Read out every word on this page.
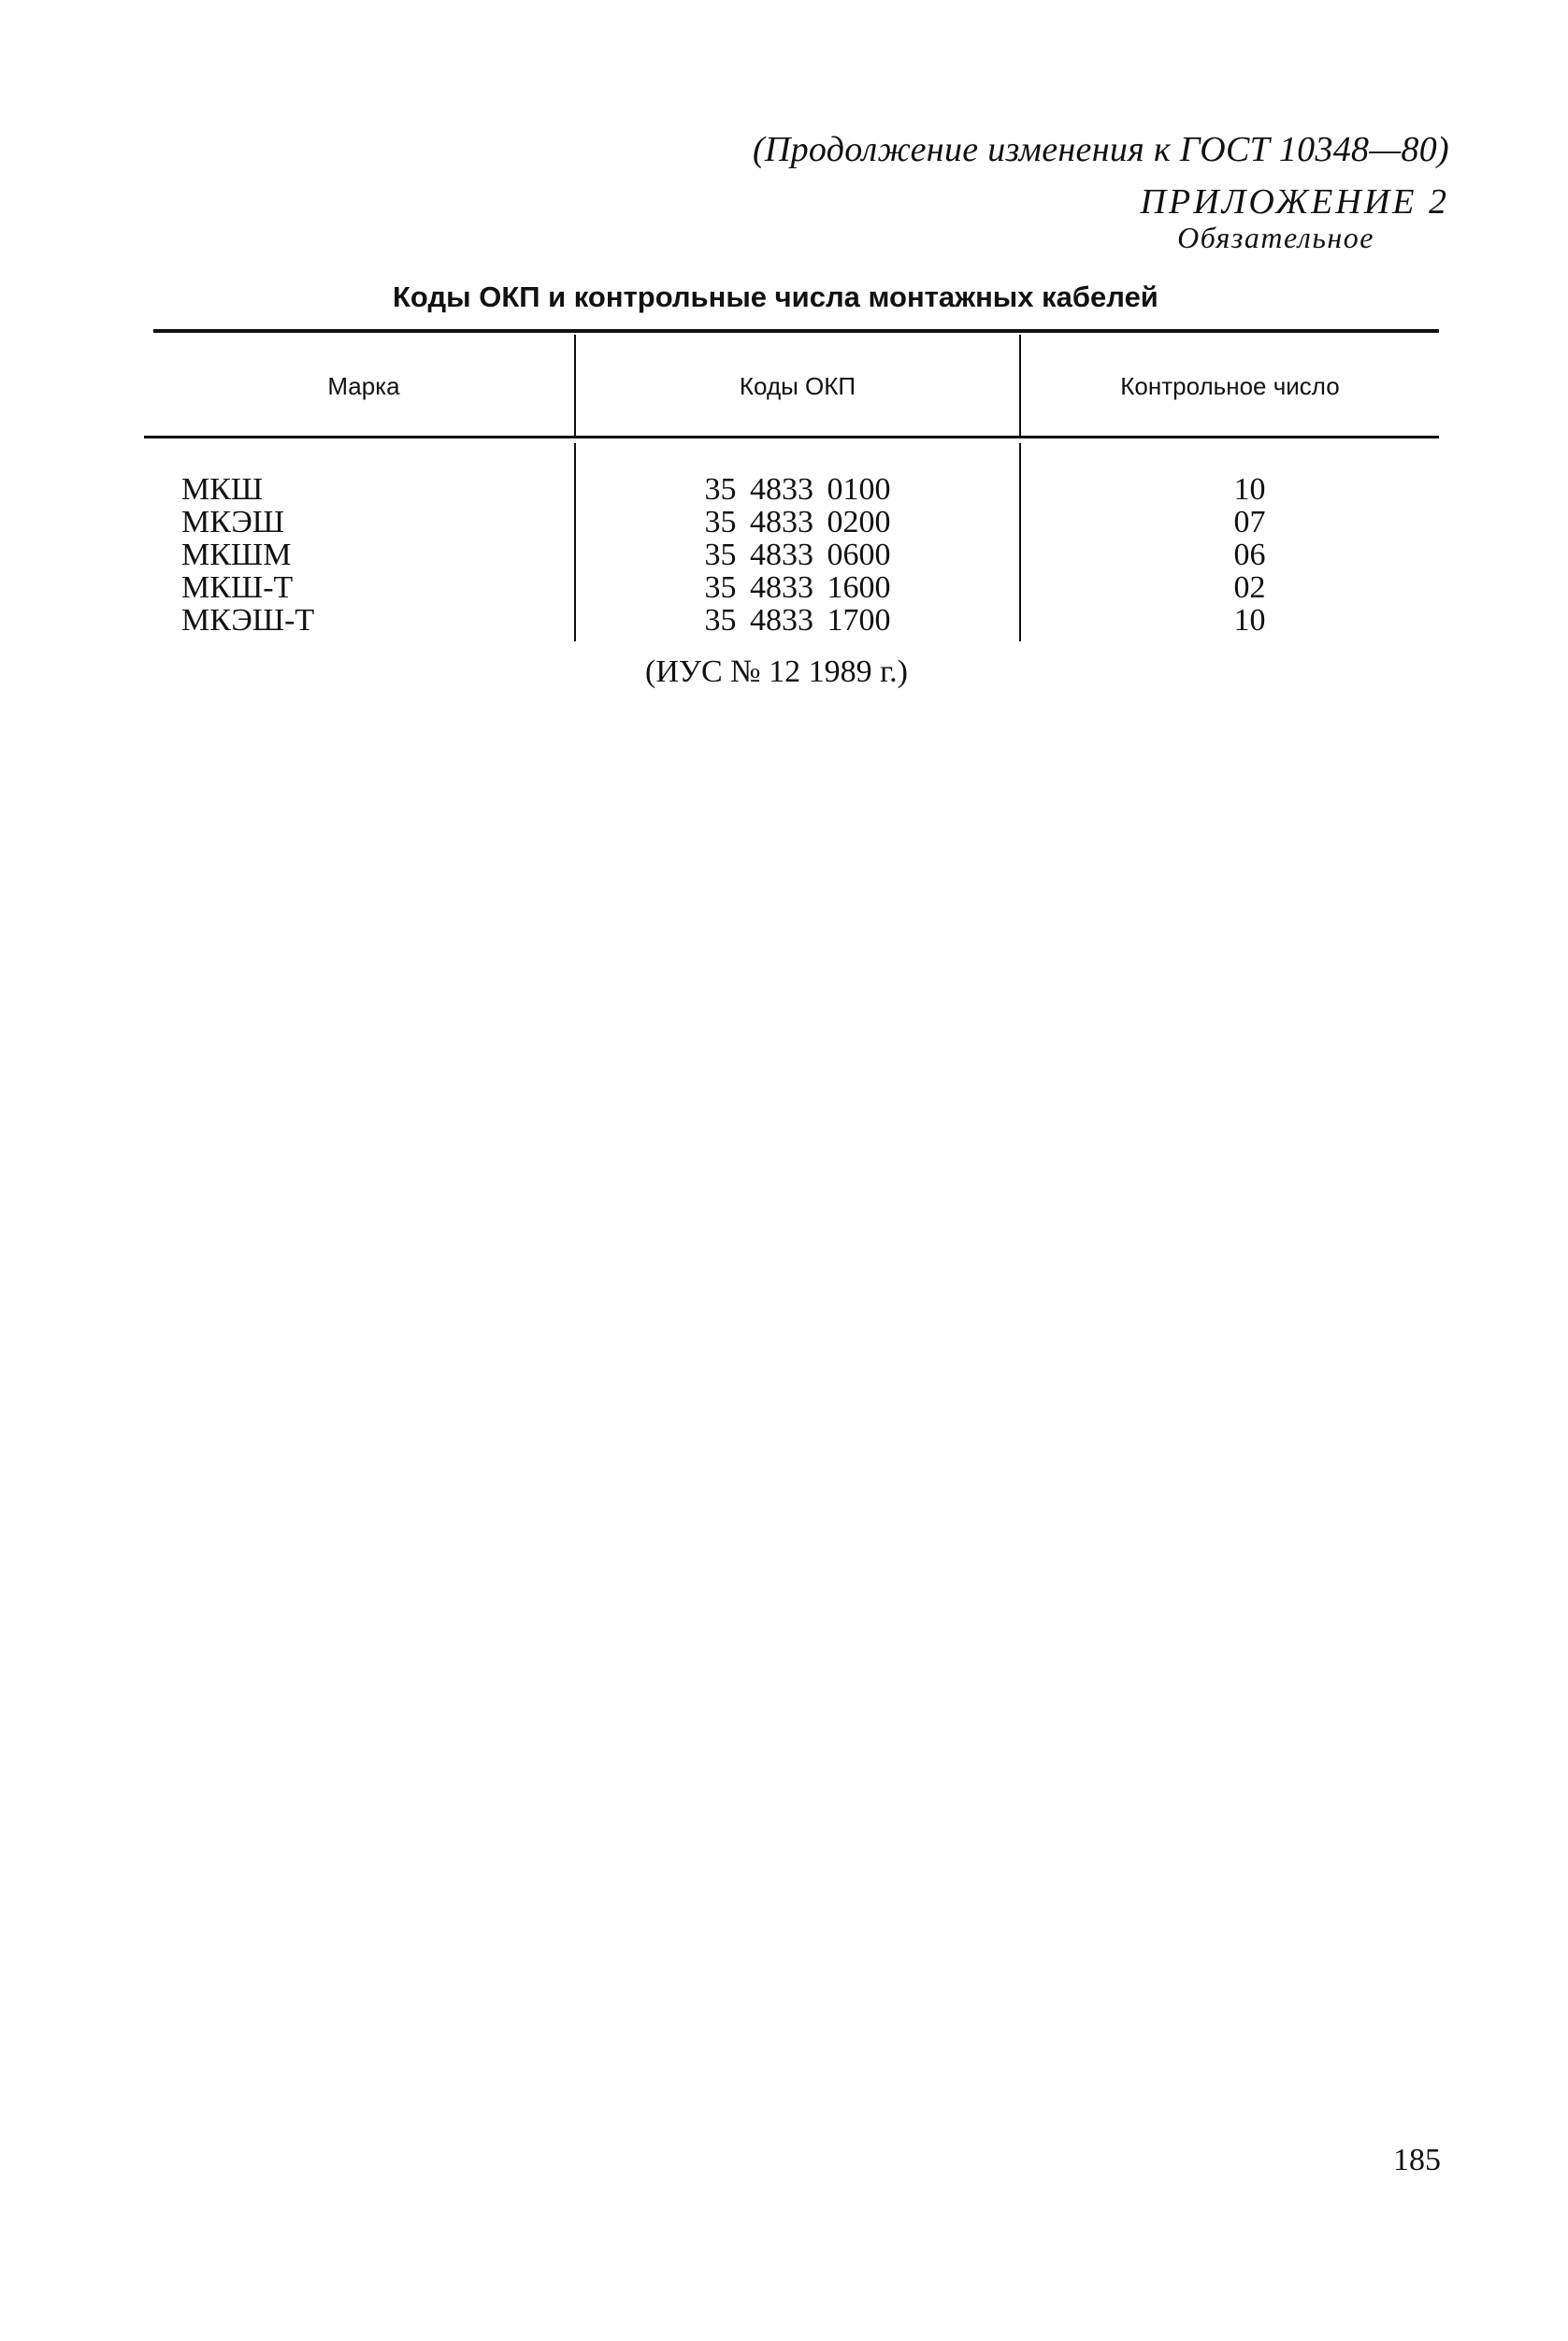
(Продолжение изменения к ГОСТ 10348—80)
ПРИЛОЖЕНИЕ 2
Обязательное
Коды ОКП и контрольные числа монтажных кабелей
Марка	Коды ОКП	Контрольное число
МКШ	35 4833 0100	10
МКЭШ	35 4833 0200	07
МКШМ	35 4833 0600	06
МКШ-Т	35 4833 1600	02
МКЭШ-Т	35 4833 1700	10
(ИУС № 12 1989 г.)
185
